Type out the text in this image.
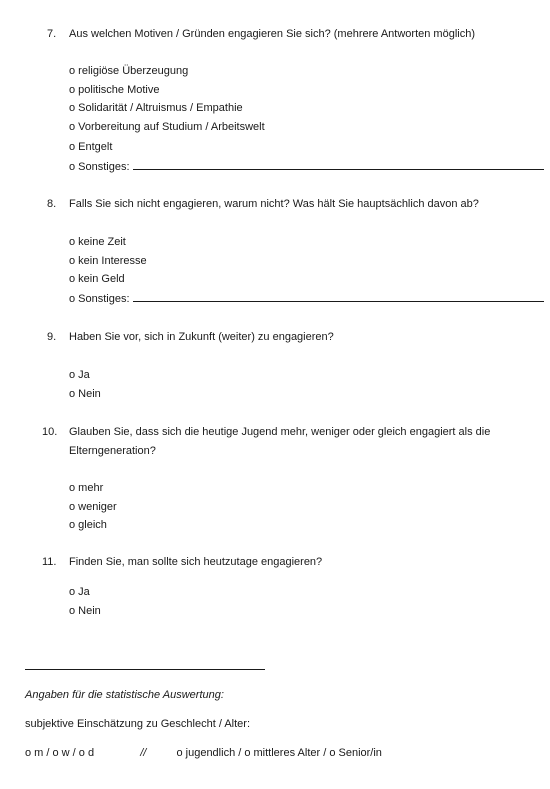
7. Aus welchen Motiven / Gründen engagieren Sie sich? (mehrere Antworten möglich)
o religiöse Überzeugung
o politische Motive
o Solidarität / Altruismus / Empathie
o Vorbereitung auf Studium / Arbeitswelt
o Entgelt
o Sonstiges:
8. Falls Sie sich nicht engagieren, warum nicht? Was hält Sie hauptsächlich davon ab?
o keine Zeit
o kein Interesse
o kein Geld
o Sonstiges:
9. Haben Sie vor, sich in Zukunft (weiter) zu engagieren?
o Ja
o Nein
10. Glauben Sie, dass sich die heutige Jugend mehr, weniger oder gleich engagiert als die Elterngeneration?
o mehr
o weniger
o gleich
11. Finden Sie, man sollte sich heutzutage engagieren?
o Ja
o Nein
Angaben für die statistische Auswertung:
subjektive Einschätzung zu Geschlecht / Alter:
o m / o w / o d	//	o jugendlich / o mittleres Alter / o Senior/in
